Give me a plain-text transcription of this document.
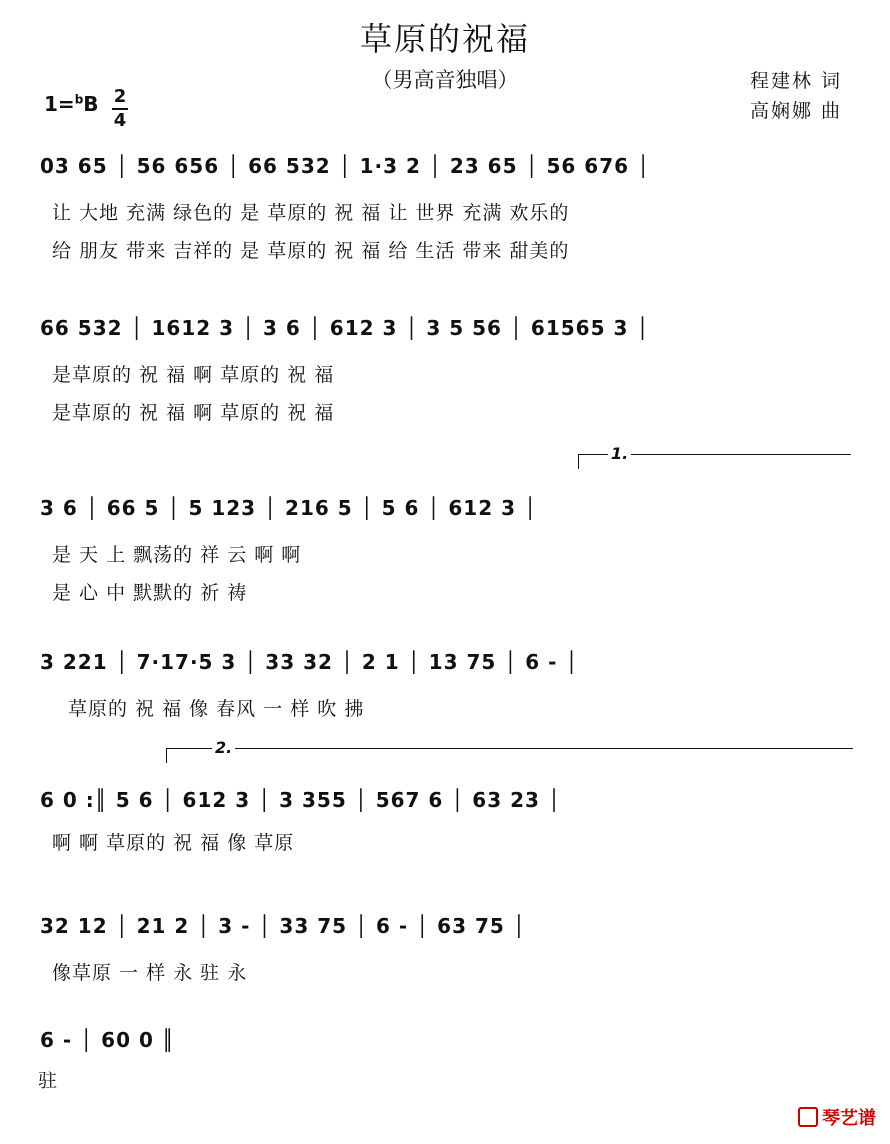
草原的祝福
（男高音独唱）	程建林 词
高娴娜 曲
1=$^b$B 2
4
03 65 │ 56 656 │ 66 532 │ 1·3 2 │ 23 65 │ 56 676 │
让 大地 充满 绿色的 是 草原的 祝 福 让 世界 充满 欢乐的
给 朋友 带来 吉祥的 是 草原的 祝 福 给 生活 带来 甜美的
66 532 │ 1612 3 │ 3 6 │ 612 3 │ 3 5 56 │ 61565 3 │
是草原的 祝 福 啊 草原的 祝 福
是草原的 祝 福 啊 草原的 祝 福
1.
3 6 │ 66 5 │ 5 123 │ 216 5 │ 5 6 │ 612 3 │
是 天 上 飘荡的 祥 云 啊 啊
是 心 中 默默的 祈 祷
3 221 │ 7·17·5 3 │ 33 32 │ 2 1 │ 13 75 │ 6 - │
草原的 祝 福 像 春风 一 样 吹 拂
2.
6 0 :║ 5 6 │ 612 3 │ 3 355 │ 567 6 │ 63 23 │
啊 啊 草原的 祝 福 像 草原
32 12 │ 21 2 │ 3 - │ 33 75 │ 6 - │ 63 75 │
像草原 一 样 永 驻 永
6 - │ 60 0 ║
驻
琴艺谱
